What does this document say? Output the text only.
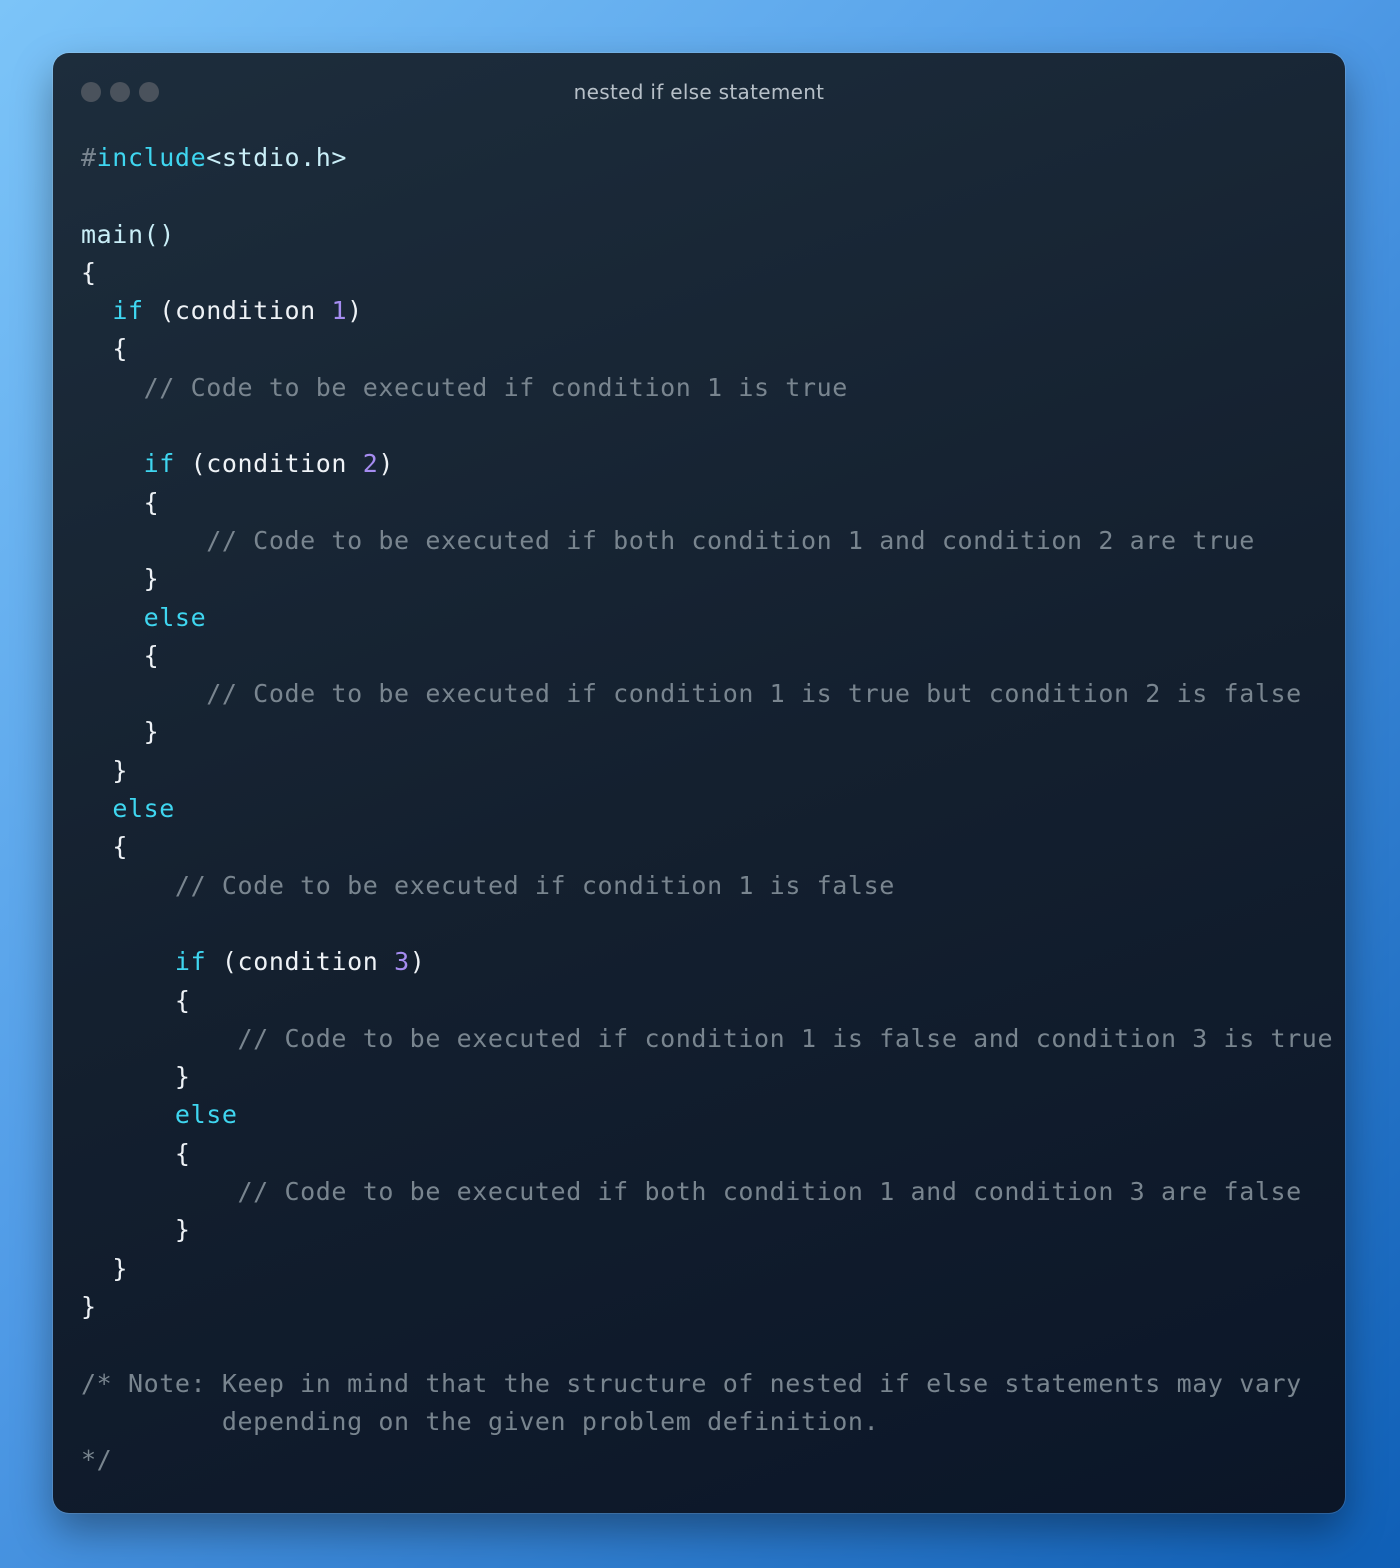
nested if else statement
#include<stdio.h>
main()
{
if (condition 1)
{
// Code to be executed if condition 1 is true
if (condition 2)
{
// Code to be executed if both condition 1 and condition 2 are true
}
else
{
// Code to be executed if condition 1 is true but condition 2 is false
}
}
else
{
// Code to be executed if condition 1 is false
if (condition 3)
{
// Code to be executed if condition 1 is false and condition 3 is true
}
else
{
// Code to be executed if both condition 1 and condition 3 are false
}
}
}
/* Note: Keep in mind that the structure of nested if else statements may vary
depending on the given problem definition.
*/
